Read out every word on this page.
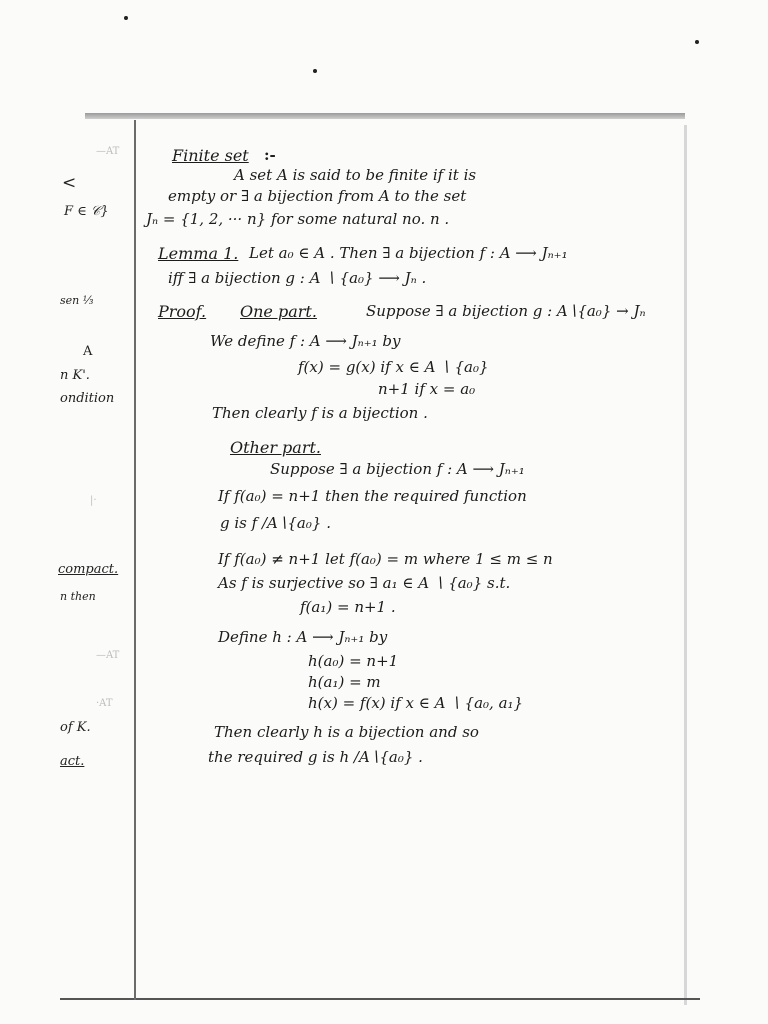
<
F ∈ 𝒞}
sen ⅓
A
n K'.
ondition
compact.
n then
of K.
act.
—AT
|·
—AT
·AT
Finite set :-
A set A is said to be finite if it is
empty or ∃ a bijection from A to the set
Jₙ = {1, 2, ··· n} for some natural no. n .
Lemma 1. Let a₀ ∈ A . Then ∃ a bijection f : A ⟶ Jₙ₊₁
iff ∃ a bijection g : A ∖ {a₀} ⟶ Jₙ .
Proof. One part.	Suppose ∃ a bijection g : A∖{a₀} → Jₙ
We define f : A ⟶ Jₙ₊₁ by
f(x) = g(x) if x ∈ A ∖ {a₀}
n+1 if x = a₀
Then clearly f is a bijection .
Other part.
Suppose ∃ a bijection f : A ⟶ Jₙ₊₁
If f(a₀) = n+1 then the required function
g is f /A∖{a₀} .
If f(a₀) ≠ n+1 let f(a₀) = m where 1 ≤ m ≤ n
As f is surjective so ∃ a₁ ∈ A ∖ {a₀} s.t.
f(a₁) = n+1 .
Define h : A ⟶ Jₙ₊₁ by
h(a₀) = n+1
h(a₁) = m
h(x) = f(x) if x ∈ A ∖ {a₀, a₁}
Then clearly h is a bijection and so
the required g is h /A∖{a₀} .
